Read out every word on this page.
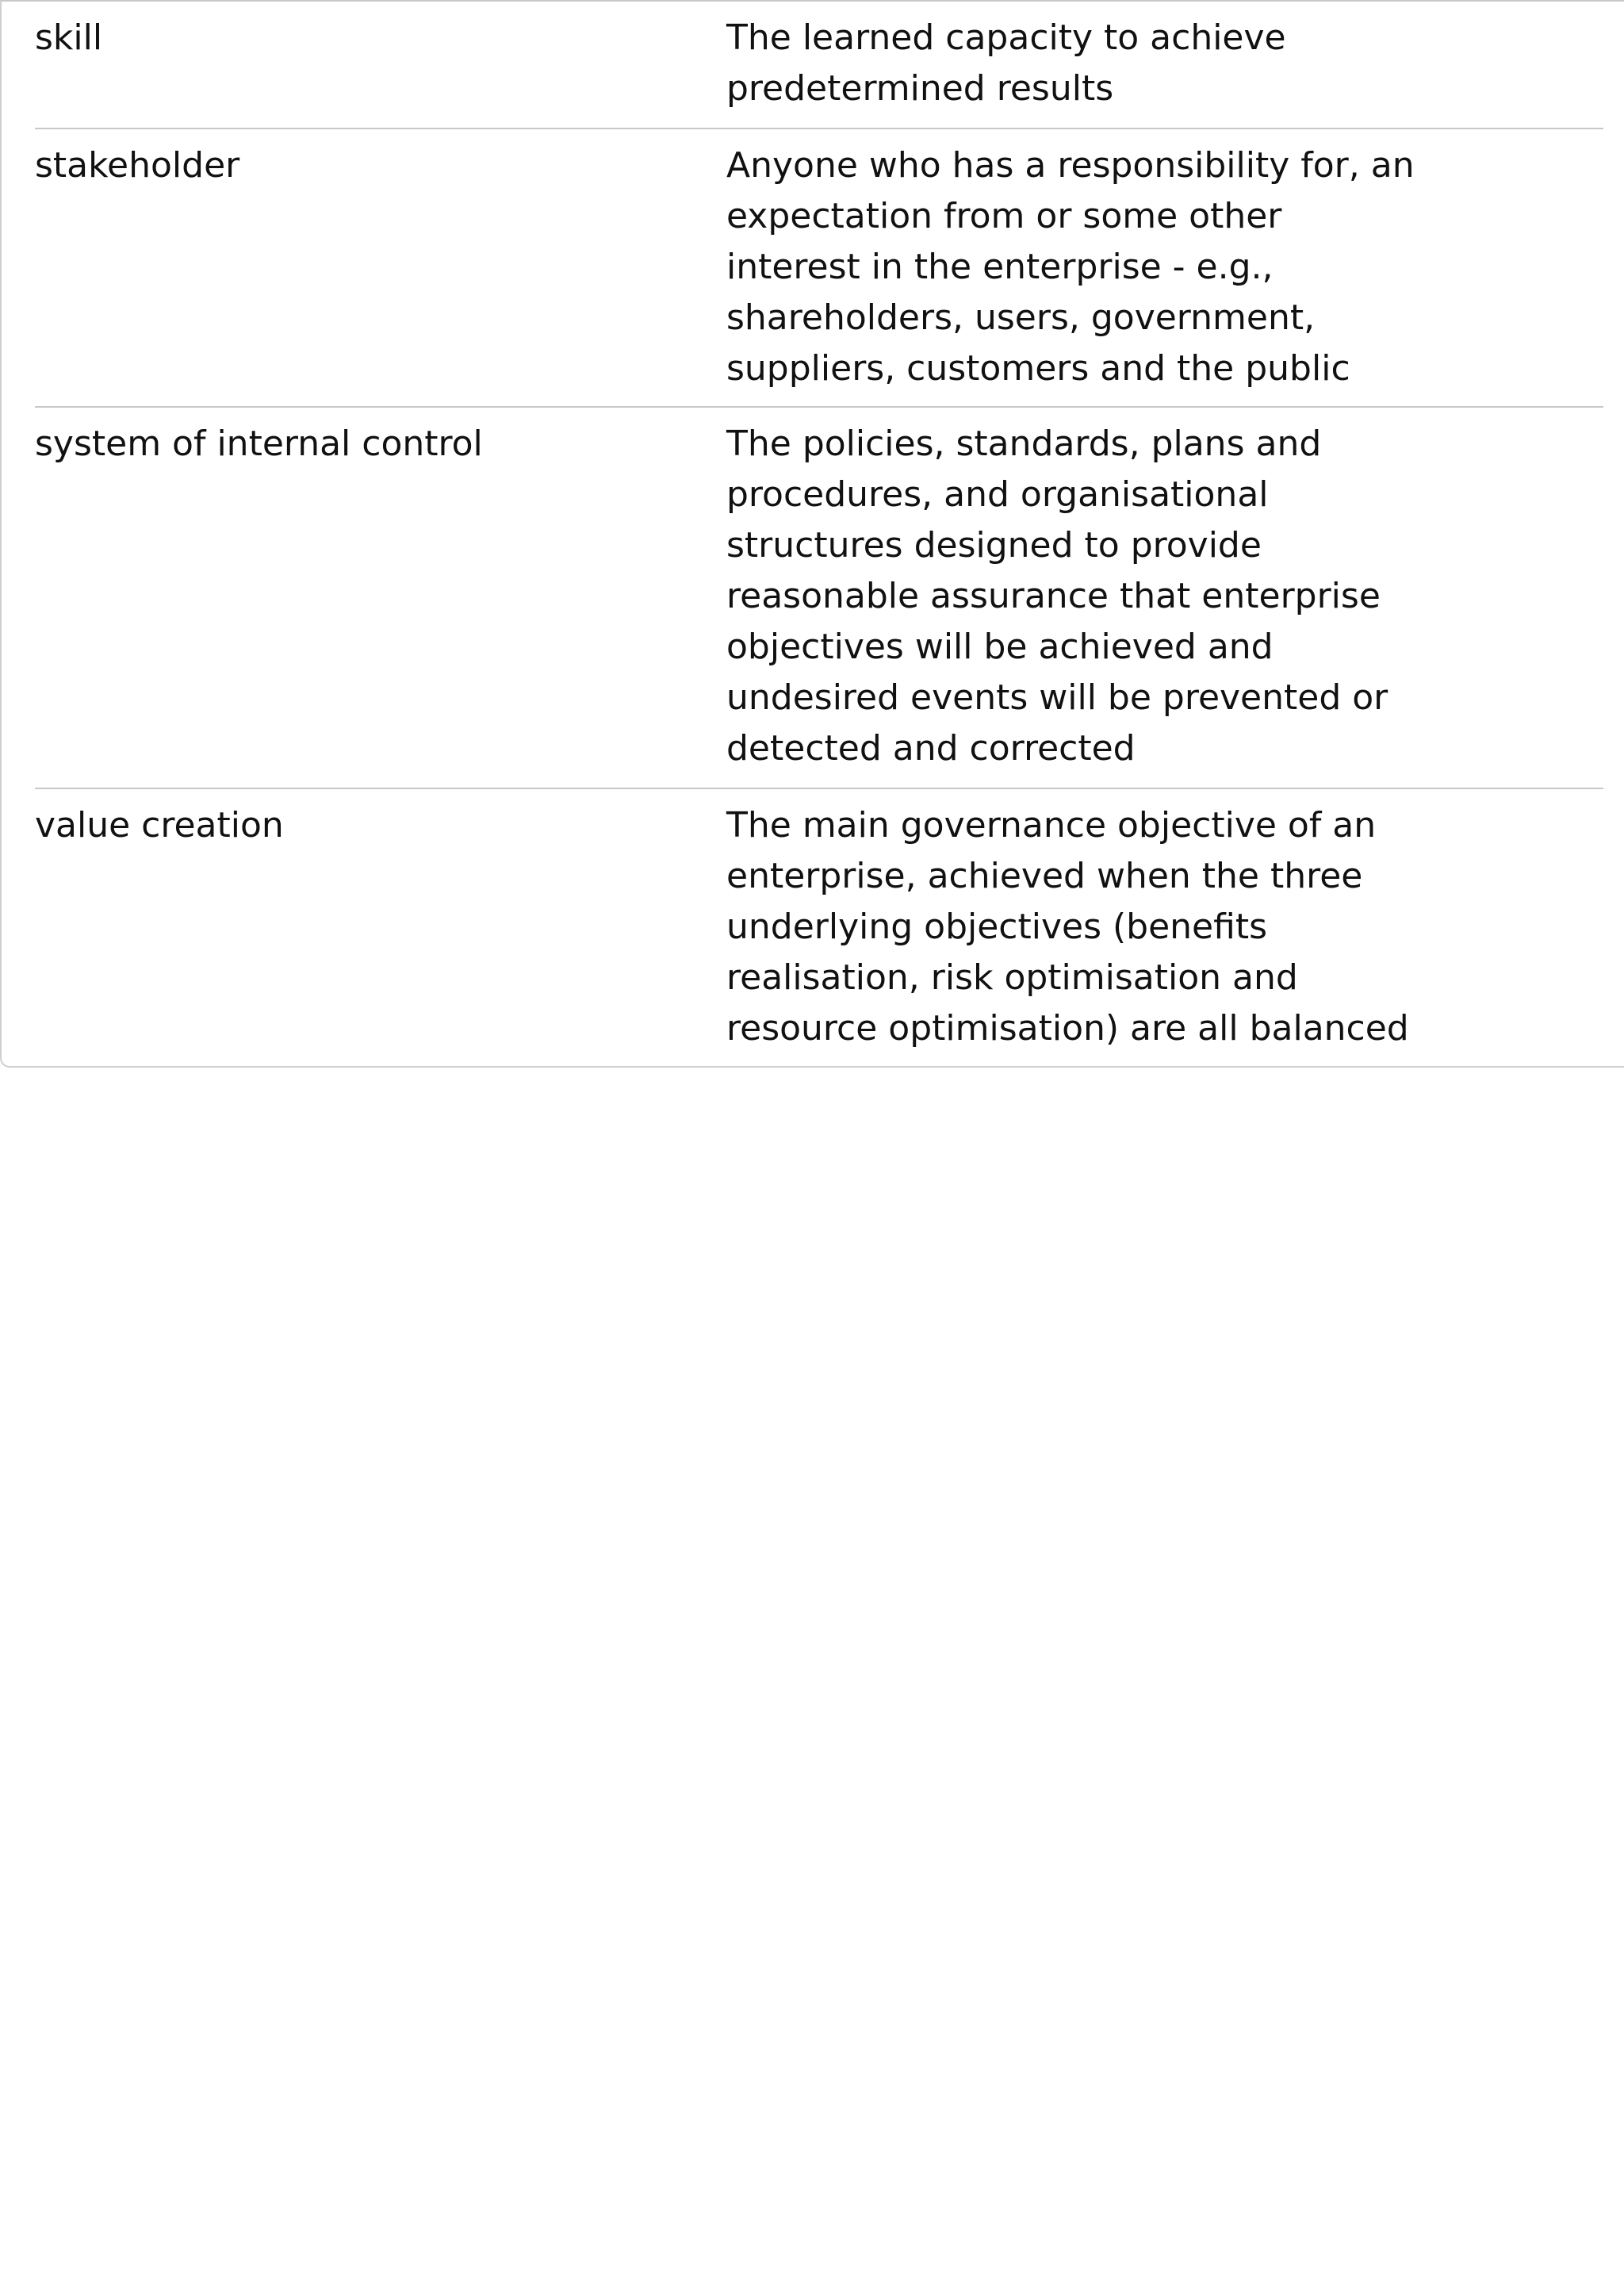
skill	The learned capacity to achieve
predetermined results
stakeholder	Anyone who has a responsibility for, an
expectation from or some other
interest in the enterprise - e.g.,
shareholders, users, government,
suppliers, customers and the public
system of internal control	The policies, standards, plans and
procedures, and organisational
structures designed to provide
reasonable assurance that enterprise
objectives will be achieved and
undesired events will be prevented or
detected and corrected
value creation	The main governance objective of an
enterprise, achieved when the three
underlying objectives (benefits
realisation, risk optimisation and
resource optimisation) are all balanced
